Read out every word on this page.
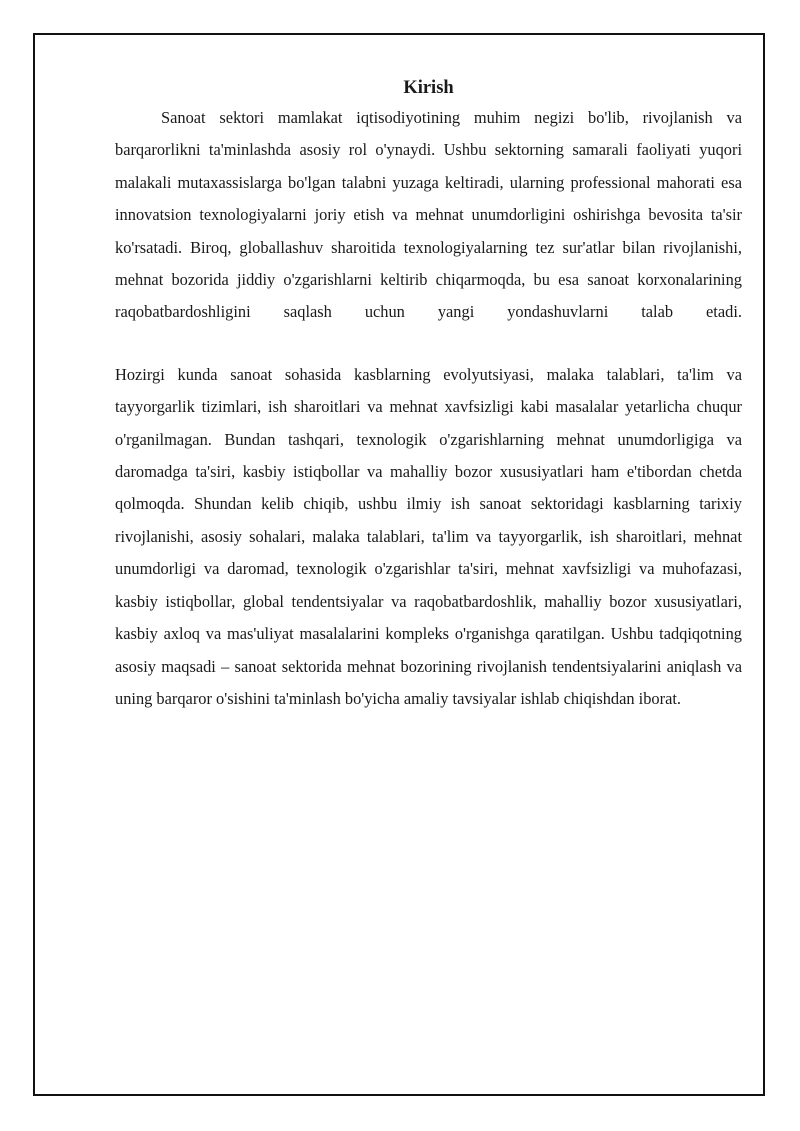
Kirish

Sanoat sektori mamlakat iqtisodiyotining muhim negizi bo'lib, rivojlanish va barqarorlikni ta'minlashda asosiy rol o'ynaydi. Ushbu sektorning samarali faoliyati yuqori malakali mutaxassislarga bo'lgan talabni yuzaga keltiradi, ularning professional mahorati esa innovatsion texnologiyalarni joriy etish va mehnat unumdorligini oshirishga bevosita ta'sir ko'rsatadi. Biroq, globallashuv sharoitida texnologiyalarning tez sur'atlar bilan rivojlanishi, mehnat bozorida jiddiy o'zgarishlarni keltirib chiqarmoqda, bu esa sanoat korxonalarining raqobatbardoshligini saqlash uchun yangi yondashuvlarni talab etadi.

Hozirgi kunda sanoat sohasida kasblarning evolyutsiyasi, malaka talablari, ta'lim va tayyorgarlik tizimlari, ish sharoitlari va mehnat xavfsizligi kabi masalalar yetarlicha chuqur o'rganilmagan. Bundan tashqari, texnologik o'zgarishlarning mehnat unumdorligiga va daromadga ta'siri, kasbiy istiqbollar va mahalliy bozor xususiyatlari ham e'tibordan chetda qolmoqda. Shundan kelib chiqib, ushbu ilmiy ish sanoat sektoridagi kasblarning tarixiy rivojlanishi, asosiy sohalari, malaka talablari, ta'lim va tayyorgarlik, ish sharoitlari, mehnat unumdorligi va daromad, texnologik o'zgarishlar ta'siri, mehnat xavfsizligi va muhofazasi, kasbiy istiqbollar, global tendentsiyalar va raqobatbardoshlik, mahalliy bozor xususiyatlari, kasbiy axloq va mas'uliyat masalalarini kompleks o'rganishga qaratilgan. Ushbu tadqiqotning asosiy maqsadi – sanoat sektorida mehnat bozorining rivojlanish tendentsiyalarini aniqlash va uning barqaror o'sishini ta'minlash bo'yicha amaliy tavsiyalar ishlab chiqishdan iborat.
